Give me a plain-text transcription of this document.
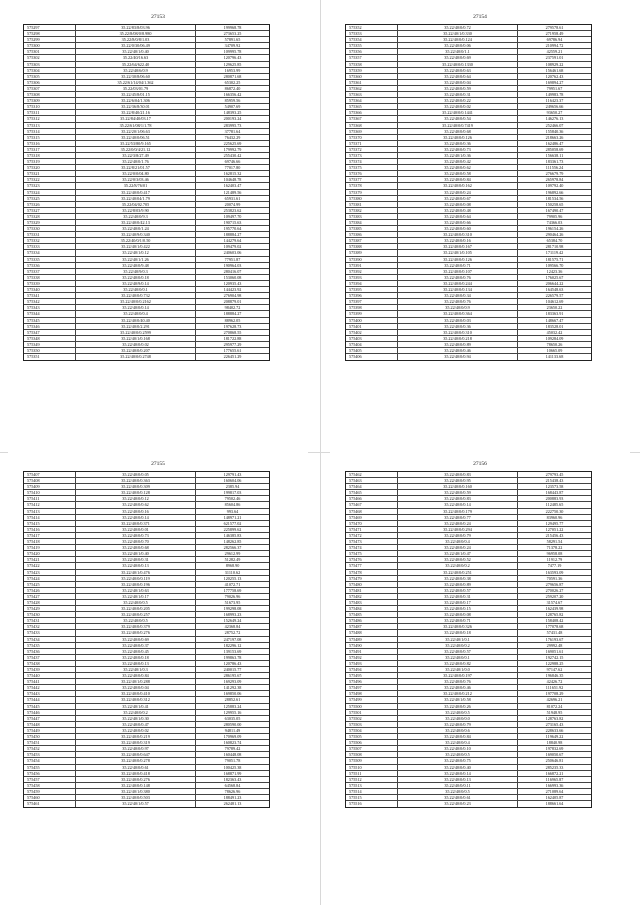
27153
575297	35.22/83/8/03.96	199968.78
575298	35.22/8/08/0/8.980	273653.25
575299	35.22/8/0/8/1.03	57891.65
575300	35.22/0/30/06.49	34709.92
575301	35.22/40/1/0.40	109995.78
575302	35.22/40/16.63	120796.43
575303	35.22/64/622.40	129625.85
575304	35.22/40/6/0.9	16953.99
575305	35.22/30/8/06.60	280871.68
575306	35.22/61/14/04/1.362	65302.25
575307	35.22/03/01.79	86872.40
575308	35.22/45/8/01.15	166356.42
575309	35.22/6/04/1.306	85959.56
575310	35.22/36/8/30.01	54907.69
575311	35.22/8/40/21.16	148393.25
575312	35.22/84/40/03.17	200193.24
575313	35.22/61/08/1/1.78	283995.73
575314	35.22/20/1/06.63	37781.64
575315	35.22/40/0/06.51	76432.29
575316	35.22/53/80/9.165	225625.69
575317	35.22/0/0/4/21.12	179992.79
575318	35.22/3/8/27.49	255430.42
575319	35.22/40/0/1.76	69746.66
575320	35.22/8/21/01.57	77017.80
575321	35.22/0/0/04.80	162815.32
575322	35.22/0/3/03.46	104648.78
575323	35.22/8/76/01	162403.47
575324	35.22/40/0/0.417	121489.56
575325	35.22/40/04/1.79	65931.61
575326	35.22/04/02.705	20074.99
575327	35.22/8/03/9.90	253823.62
575328	35.22/40/0/9.3	109497.70
575329	35.22/40/0/42.13	190715.63
575330	35.22/40/0/1.24	195770.64
575331	35.22/40/9/0.340	188884.27
575332	35.22/40/0/1/0.50	144279.64
575333	35.22/40/1/0.422	109479.02
575334	35.22/40/1/0.12	240603.06
575335	35.22/40/1/1.26	77951.87
575336	35.22/40/0/9.48	190964.03
575337	35.22/40/9/0.3	280416.07
575338	35.22/40/0/0.18	153060.08
575339	35.22/40/9/0.14	120935.43
575340	35.22/40/0/0.1	144423.92
575341	35.22/40/0/0.732	276904.98
575342	35.22/40/0/0.2162	208879.01
575343	35.22/40/0/0.14	98402.72
575344	35.22/40/0/0.4	188884.27
575345	35.22/40/0/40.40	88962.05
575346	35.22/40/0/2.291	197628.73
575347	35.22/40/0/0.2599	270868.55
575348	35.22/40/1/0.168	181722.88
575349	35.22/40/0/0.02	295977.29
575350	35.22/40/0/0.207	177655.61
575351	35.22/40/0/0.2748	226451.29
27154
575352	35.22/40/0/0.72	279578.61
575353	35.22/40/1/0.330	271958.49
575354	35.22/40/0/0.124	69786.94
575355	35.22/40/0/0.06	210994.72
575356	35.22/40/0/1.1	42559.21
575357	35.22/40/0/0.69	237591.01
575358	35.22/40/0/0.1330	108929.22
575359	35.22/40/0/0.63	156461.68
575360	35.22/40/0/0.64	120762.43
575361	35.22/40/0/0.04	169894.27
575362	35.22/40/0/0.59	79951.67
575363	35.22/40/0/0.31	149983.78
575364	35.22/40/0/0.22	116423.37
575365	35.22/40/0/0.02	249656.66
575366	35.22/40/0/0.1441	93650.27
575367	35.22/40/0/0.54	146276.13
575368	35.22/40/0/0.7419	252466.07
575369	35.22/40/0/0.68	155840.36
575370	35.22/40/0/0.126	218663.26
575371	35.22/40/0/0.36	162486.47
575372	35.22/40/0/0.73	285058.69
575373	35.22/40/1/0.36	156638.11
575374	35.22/40/0/0.42	183361.73
575375	35.22/40/0/0.62	111556.24
575376	35.22/40/0/0.58	276679.79
575377	35.22/40/0/0.84	265978.84
575378	35.22/40/0/0.162	109792.40
575379	35.22/40/0/0.24	196892.66
575380	35.22/40/0/0.67	181534.56
575381	35.22/40/0/0.08	150258.65
575382	35.22/40/0/0.48	167490.47
575383	35.22/40/0/0.64	79905.96
575384	35.22/40/0/0.66	74366.03
575385	35.22/40/0/0.60	196154.26
575386	35.22/40/0/0.310	290464.26
575387	35.22/40/0/0.16	65384.70
575388	35.22/40/0/0.167	281710.98
575389	35.22/40/1/0.105	171119.42
575390	35.22/40/0/0.126	181575.71
575391	35.22/40/0/0.71	109566.70
575392	35.22/40/0/0.107	12423.36
575393	35.22/40/0/0.76	176025.67
575394	35.22/40/0/0.244	206644.22
575395	35.22/40/0/0.134	164548.63
575396	35.22/40/0/0.34	226579.57
575397	35.22/40/0/0.76	104612.69
575398	35.22/40/0/0.9	23650.22
575399	35.22/40/0/0.364	183363.91
575400	35.22/40/0/0.03	148667.47
575401	35.22/40/0/0.36	183528.01
575402	35.22/40/0/0.310	45032.42
575403	35.22/40/0/0.218	109284.09
575404	35.22/40/0/0.89	78650.26
575405	35.22/40/0/0.46	10665.09
575406	35.22/40/0/0.94	141133.68
27155
575407	35.22/40/0/0.05	129791.43
575408	35.22/40/0/0.363	160604.06
575409	35.22/40/0/0.309	2385.94
575410	35.22/40/0/0.128	199817.03
575411	35.22/40/0/0.12	79502.46
575412	35.22/40/0/0.62	85604.86
575413	35.22/40/0/0.16	993.64
575414	35.22/40/0/0.14	148971.21
575415	35.22/40/0/0.371	621577.02
575416	35.22/40/0/0.01	225899.62
575417	35.22/40/0/0.73	146385.83
575418	35.22/40/0/0.70	148262.85
575419	35.22/40/0/0.68	282566.37
575420	35.22/40/1/0.40	29612.99
575421	35.22/40/0/0.31	51282.49
575422	35.22/40/0/0.13	8968.90
575423	35.22/40/1/0.476	31110.62
575424	35.22/40/0/0.119	120255.13
575425	35.22/40/0/0.196	41072.71
575426	35.22/40/1/0.63	177758.69
575427	35.22/40/1/0.17	79026.96
575428	35.22/40/0/0.5	51673.95
575429	35.22/40/0/0.205	199298.08
575430	35.22/40/0/0.257	168993.23
575431	35.22/40/0/0.5	152649.24
575432	35.22/40/0/0.379	42368.84
575433	35.22/40/0/0.276	28752.72
575434	35.22/40/0/0.69	247197.08
575435	35.22/40/0/0.37	182296.12
575436	35.22/40/0/0.45	139153.69
575437	35.22/40/0/0.18	199863.78
575438	35.22/40/0/0.13	120786.43
575439	35.22/40/1/0.3	240015.77
575440	35.22/40/0/0.84	286195.67
575441	35.22/40/1/0.288	169293.09
575442	35.22/40/0/0.04	141292.38
575443	35.22/40/0/0.410	169850.06
575444	35.22/40/0/0.312	28852.61
575445	35.22/40/1/0.41	125883.24
575446	35.22/40/0/0.2	129955.16
575447	35.22/40/1/0.30	63035.05
575448	35.22/40/0/0.47	280590.00
575449	35.22/40/0/0.02	94811.49
575450	35.22/40/0/0.219	170969.09
575451	35.22/40/0/0.319	160823.74
575452	35.22/40/0/0.97	79789.42
575453	35.22/40/0/0.647	160448.08
575454	35.22/40/0/0.278	79051.78
575455	35.22/40/0/0.61	100425.38
575456	35.22/40/0/0.418	168871.99
575457	35.22/40/0/0.276	182363.43
575458	35.22/40/0/0.148	64568.84
575459	35.22/40/1/0.380	78626.96
575460	35.22/40/0/0.503	188491.23
575461	35.22/40/1/0.57	262481.13
27156
575462	35.22/40/0/0.83	279793.45
575463	35.22/40/0/0.95	215438.43
575464	35.22/40/0/0.160	123573.58
575465	35.22/40/0/0.59	168443.87
575466	35.22/40/0/0.83	200883.93
575467	35.22/40/0/0.14	112485.65
575468	35.22/40/0/0.179	222750.30
575469	35.22/40/0/0.77	83960.96
575470	35.22/40/0/0.24	129495.77
575471	35.22/40/0/0.294	127051.22
575472	35.22/40/0/0.79	215456.43
575473	35.22/40/0/0.4	58291.54
575474	35.22/40/0/0.24	71378.22
575475	35.22/40/1/0.47	96958.08
575476	35.22/40/0/0.52	11912.79
575477	35.22/40/0/0.2	7477.19
575478	35.22/40/0/0.251	163593.09
575479	35.22/40/0/0.38	70591.36
575480	35.22/40/0/0.89	279656.87
575481	35.22/40/0/0.57	270026.27
575482	35.22/40/0/0.31	259207.20
575483	35.22/40/0/0.17	31574.67
575484	35.22/40/0/0.15	162439.98
575485	35.22/40/0/0.08	128765.82
575486	35.22/40/0/0.71	158408.42
575487	35.22/40/0/0.326	177078.68
575488	35.22/40/0/0.18	57431.48
575489	35.22/40/1/0.1	176193.67
575490	35.22/40/0/0.2	29992.48
575491	35.22/40/0/0.57	169051.61
575492	35.22/40/0/0.1	192742.15
575493	35.22/40/0/0.82	122988.25
575494	35.22/40/1/0.0	97147.62
575495	35.22/40/0/0.197	196846.35
575496	35.22/40/0/0.76	42426.72
575497	35.22/40/0/0.46	111651.92
575498	35.22/40/0/0.212	197708.29
575499	35.22/40/1/0.58	42696.21
575500	35.22/40/0/0.26	81072.24
575501	35.22/40/0/0.5	51948.95
575502	35.22/40/0/0.0	128763.82
575503	35.22/40/0/0.79	273165.43
575504	35.22/40/0/0.6	228633.66
575505	35.22/40/0/0.84	119649.22
575506	35.22/40/0/0.4	18840.98
575507	35.22/40/0/0.10	197832.69
575508	35.22/40/0/0.5	169050.67
575509	35.22/40/0/0.75	250646.81
575510	35.22/40/0/0.40	285235.33
575511	35.22/40/0/0.14	166872.21
575512	35.22/40/0/0.13	116965.87
575513	35.22/40/0/0.11	166993.36
575514	35.22/40/0/0.5	271089.64
575515	35.22/40/0/0.61	162405.87
575516	35.22/40/0/0.23	188661.64
